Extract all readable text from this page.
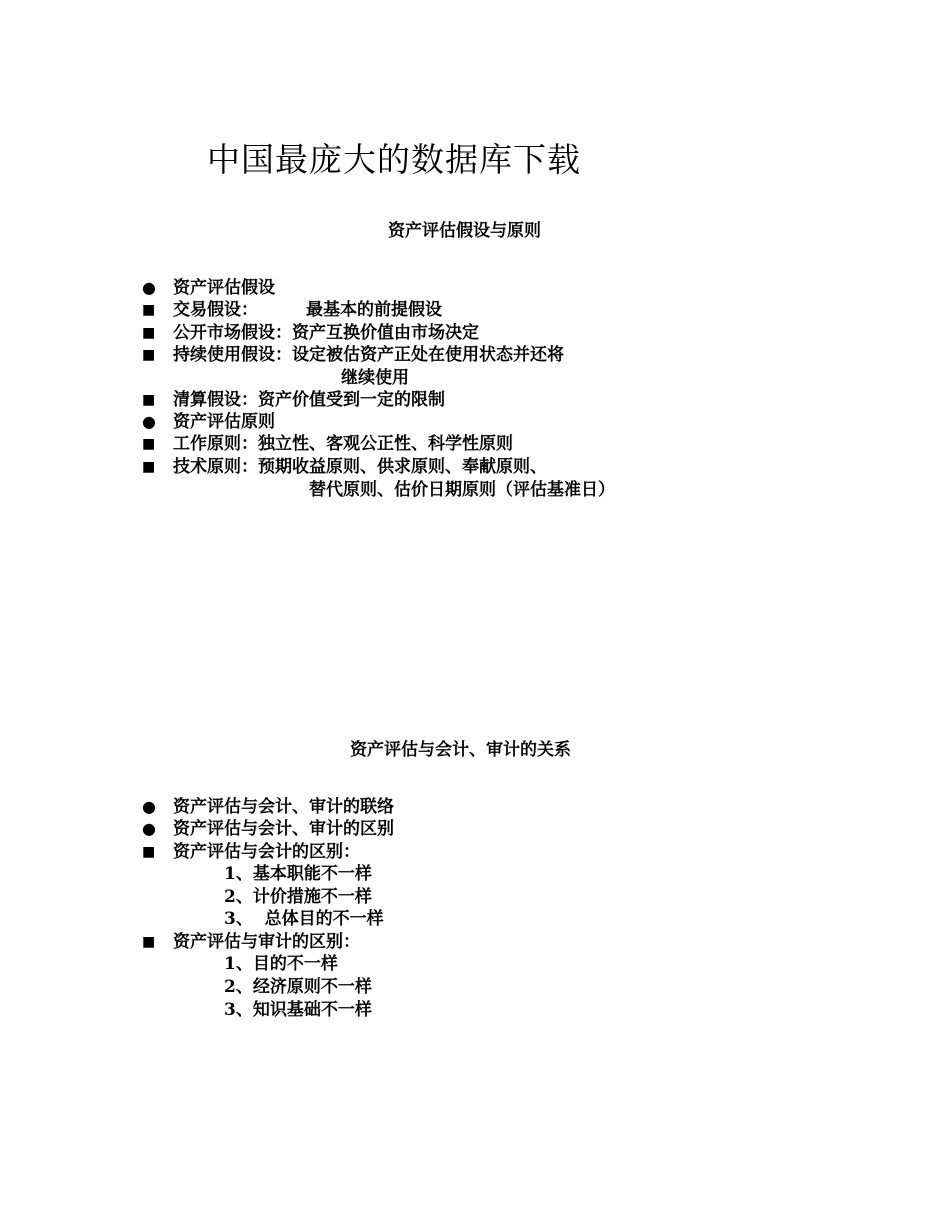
中国最庞大的数据库下载
资产评估假设与原则
● 资产评估假设
■ 交易假设：	最基本的前提假设
■ 公开市场假设：资产互换价值由市场决定
■ 持续使用假设：设定被估资产正处在使用状态并还将
继续使用
■ 清算假设：资产价值受到一定的限制
● 资产评估原则
■ 工作原则：独立性、客观公正性、科学性原则
■ 技术原则：预期收益原则、供求原则、奉献原则、
替代原则、估价日期原则（评估基准日）
资产评估与会计、审计的关系
● 资产评估与会计、审计的联络
● 资产评估与会计、审计的区别
■ 资产评估与会计的区别：
1、基本职能不一样
2、计价措施不一样
3、  总体目的不一样
■ 资产评估与审计的区别：
1、目的不一样
2、经济原则不一样
3、知识基础不一样
